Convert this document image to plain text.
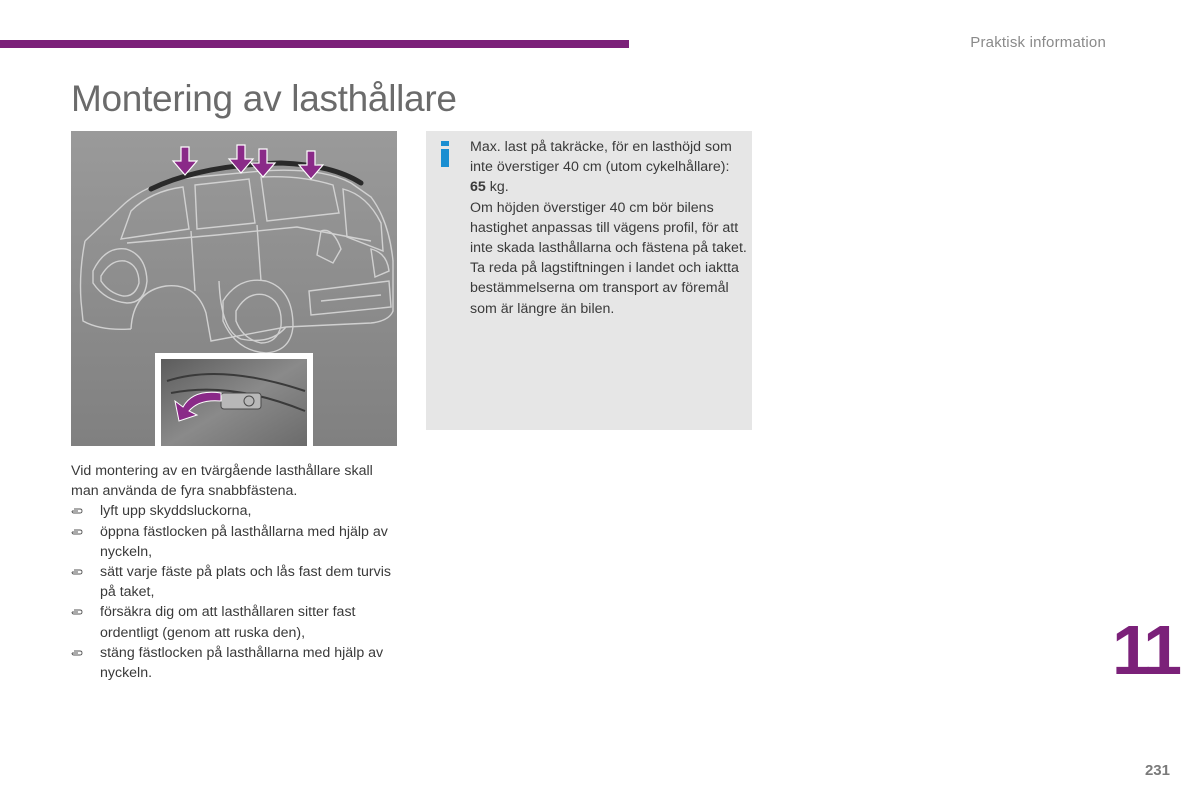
Praktisk information
Montering av lasthållare

Max. last på takräcke, för en lasthöjd som inte överstiger 40 cm (utom cykelhållare): 65 kg.

Om höjden överstiger 40 cm bör bilens hastighet anpassas till vägens profil, för att inte skada lasthållarna och fästena på taket.

Ta reda på lagstiftningen i landet och iaktta bestämmelserna om transport av föremål som är längre än bilen.

Vid montering av en tvärgående lasthållare skall man använda de fyra snabbfästena.

lyft upp skyddsluckorna,
öppna fästlocken på lasthållarna med hjälp av nyckeln,
sätt varje fäste på plats och lås fast dem turvis på taket,
försäkra dig om att lasthållaren sitter fast ordentligt (genom att ruska den),
stäng fästlocken på lasthållarna med hjälp av nyckeln.	11
231
